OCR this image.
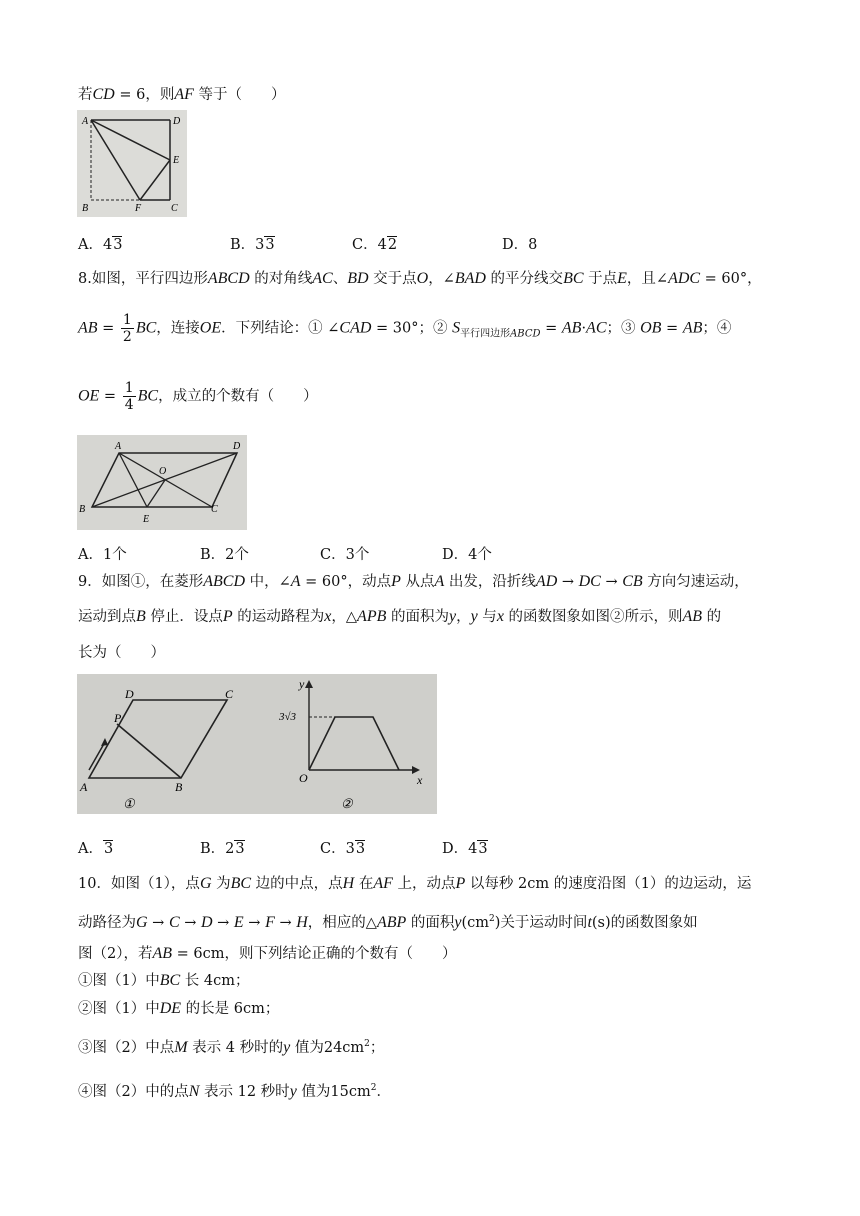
若CD = 6，则AF 等于（　　）
A	D
E
B	F	C
A．43	B．33	C．42	D．8
8.如图，平行四边形ABCD 的对角线AC、BD 交于点O，∠BAD 的平分线交BC 于点E，且∠ADC = 60°，
AB = $\frac{1}{2}$ BC，连接OE．下列结论：① ∠CAD = 30°；② $S_{平行四边形ABCD} = AB\cdot AC$；③ OB = AB；④
OE = $\frac{1}{4}$ BC，成立的个数有（　　）
A	D
O
B
E
C
A．1个	B．2个	C．3个	D．4个
9．如图①，在菱形ABCD 中，∠A = 60°，动点P 从点A 出发，沿折线AD → DC → CB 方向匀速运动，
运动到点B 停止．设点P 的运动路程为x，△APB 的面积为y，y 与x 的函数图象如图②所示，则AB 的
长为（　　）
D	C
P
A	B
①
y
3√3
O	x
②
A．3	B．23	C．33	D．43
10．如图（1），点G 为BC 边的中点，点H 在AF 上，动点P 以每秒 2cm 的速度沿图（1）的边运动，运
动路径为G → C → D → E → F → H，相应的△ABP 的面积$y(cm^2)$关于运动时间t(s)的函数图象如
图（2），若AB = 6cm，则下列结论正确的个数有（　　）
①图（1）中BC 长 4cm；
②图（1）中DE 的长是 6cm；
③图（2）中点M 表示 4 秒时的y 值为$24cm^2$；
④图（2）中的点N 表示 12 秒时y 值为$15cm^2$．
